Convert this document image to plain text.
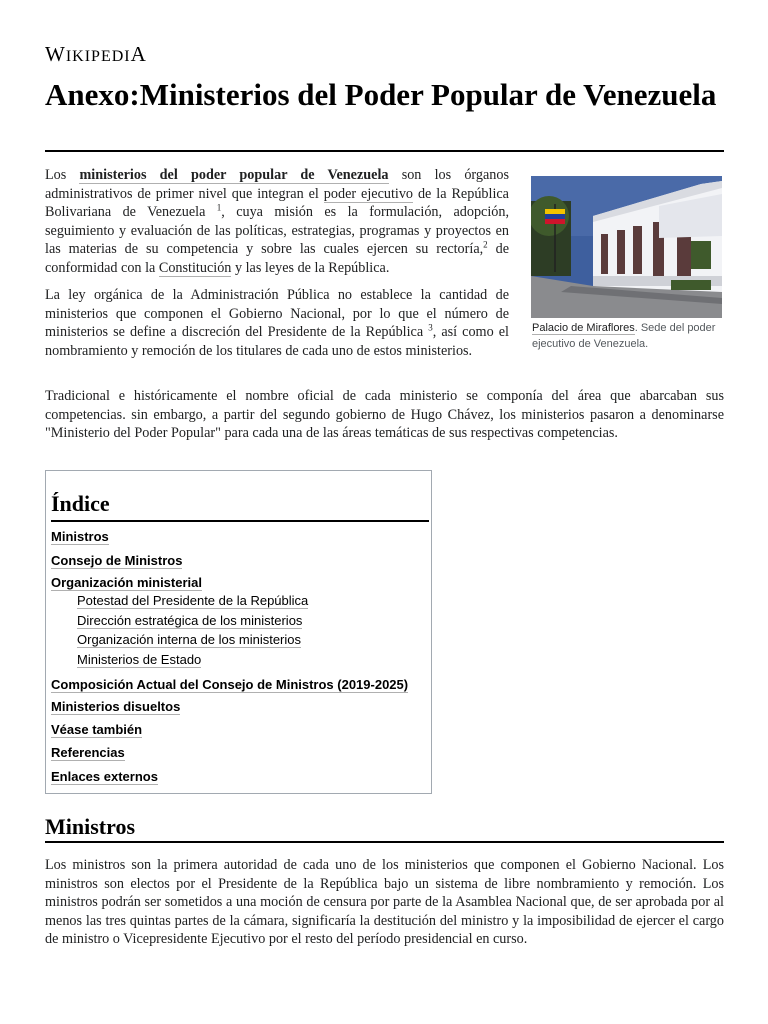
WIKIPEDIA
Anexo:Ministerios del Poder Popular de Venezuela

Los ministerios del poder popular de Venezuela son los órganos administrativos de primer nivel que integran el poder ejecutivo de la República Bolivariana de Venezuela $^1$, cuya misión es la formulación, adopción, seguimiento y evaluación de las políticas, estrategias, programas y proyectos en las materias de su competencia y sobre las cuales ejercen su rectoría,$^2$ de conformidad con la Constitución y las leyes de la República.

La ley orgánica de la Administración Pública no establece la cantidad de ministerios que componen el Gobierno Nacional, por lo que el número de ministerios se define a discreción del Presidente de la República $^3$, así como el nombramiento y remoción de los titulares de cada uno de estos ministerios.

Palacio de Miraflores. Sede del poder ejecutivo de Venezuela.

Tradicional e históricamente el nombre oficial de cada ministerio se componía del área que abarcaban sus competencias. sin embargo, a partir del segundo gobierno de Hugo Chávez, los ministerios pasaron a denominarse "Ministerio del Poder Popular" para cada una de las áreas temáticas de sus respectivas competencias.

Índice
Ministros
Consejo de Ministros
Organización ministerial
Potestad del Presidente de la República
Dirección estratégica de los ministerios
Organización interna de los ministerios
Ministerios de Estado
Composición Actual del Consejo de Ministros (2019-2025)
Ministerios disueltos
Véase también
Referencias
Enlaces externos
Ministros

Los ministros son la primera autoridad de cada uno de los ministerios que componen el Gobierno Nacional. Los ministros son electos por el Presidente de la República bajo un sistema de libre nombramiento y remoción. Los ministros podrán ser sometidos a una moción de censura por parte de la Asamblea Nacional que, de ser aprobada por al menos las tres quintas partes de la cámara, significaría la destitución del ministro y la imposibilidad de ejercer el cargo de ministro o Vicepresidente Ejecutivo por el resto del período presidencial en curso.
